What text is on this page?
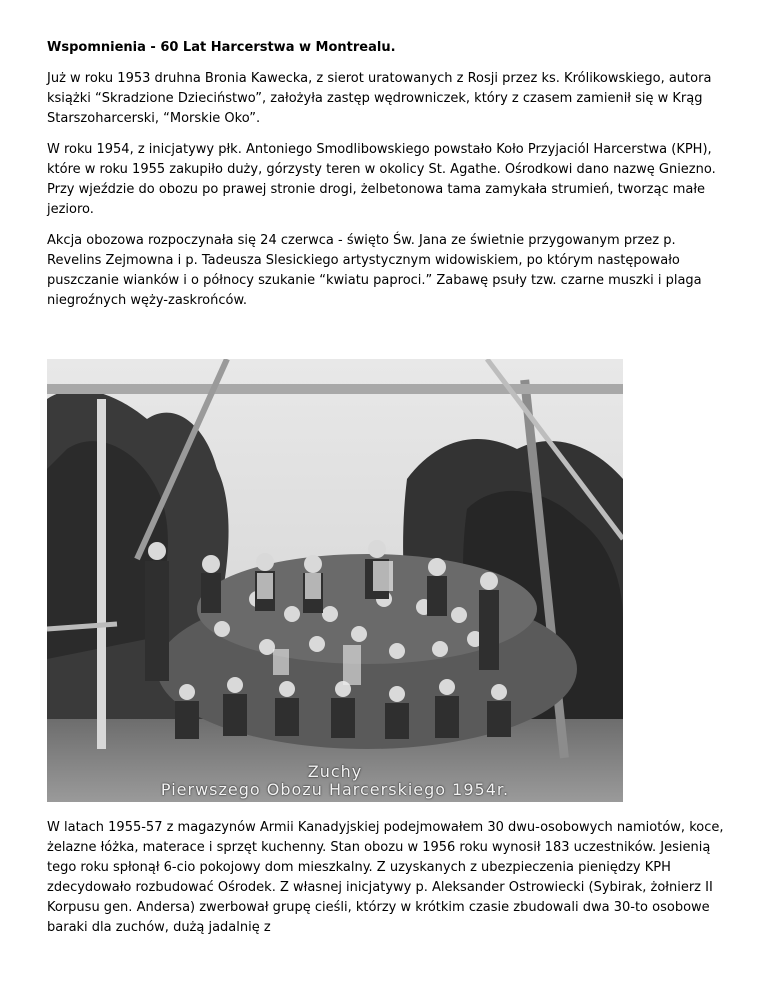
Wspomnienia - 60 Lat Harcerstwa w Montrealu.

Już w roku 1953 druhna Bronia Kawecka, z sierot uratowanych z Rosji przez ks. Królikowskiego, autora książki “Skradzione Dzieciństwo”, założyła zastęp wędrowniczek, który z czasem zamienił się w Krąg Starszoharcerski, “Morskie Oko”.

W roku 1954, z inicjatywy płk. Antoniego Smodlibowskiego powstało Koło Przyjaciól Harcerstwa (KPH), które w roku 1955 zakupiło duży, górzysty teren w okolicy St. Agathe. Ośrodkowi dano nazwę Gniezno. Przy wjeździe do obozu po prawej stronie drogi, żelbetonowa tama zamykała strumień, tworząc małe jezioro.

Akcja obozowa rozpoczynała się 24 czerwca - święto Św. Jana ze świetnie przygowanym przez p. Revelins Zejmowna i p. Tadeusza Slesickiego artystycznym widowiskiem, po którym następowało puszczanie wianków i o północy szukanie “kwiatu paproci.” Zabawę psuły tzw. czarne muszki i plaga niegroźnych węży-zaskrońców.

Zuchy
Pierwszego Obozu Harcerskiego 1954r.

W latach 1955-57 z magazynów Armii Kanadyjskiej podejmowałem 30 dwu-osobowych namiotów, koce, żelazne łóżka, materace i sprzęt kuchenny. Stan obozu w 1956 roku wynosił 183 uczestników. Jesienią tego roku spłonął 6-cio pokojowy dom mieszkalny. Z uzyskanych z ubezpieczenia pieniędzy KPH zdecydowało rozbudować Ośrodek. Z własnej inicjatywy p. Aleksander Ostrowiecki (Sybirak, żołnierz II Korpusu gen. Andersa) zwerbował grupę cieśli, którzy w krótkim czasie zbudowali dwa 30-to osobowe baraki dla zuchów, dużą jadalnię z
